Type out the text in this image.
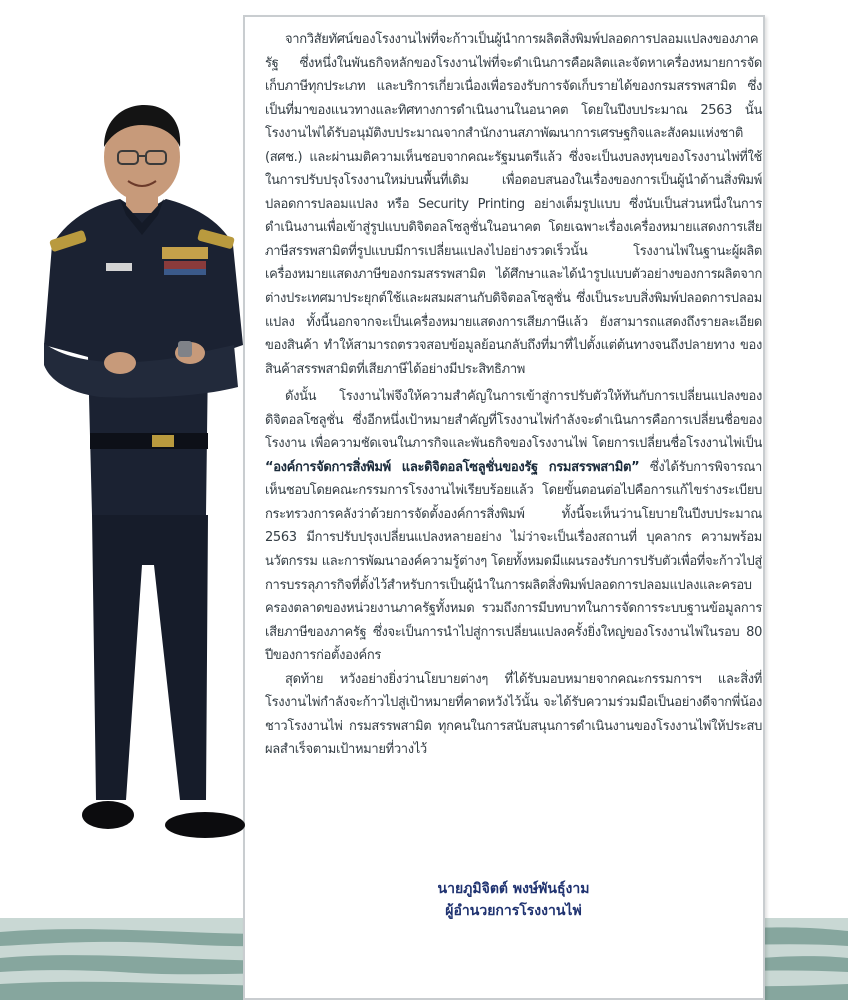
จากวิสัยทัศน์ของโรงงานไพ่ที่จะก้าวเป็นผู้นำการผลิตสิ่งพิมพ์ปลอดการปลอมแปลงของภาครัฐ ซึ่งหนึ่งในพันธกิจหลักของโรงงานไพ่ที่จะดำเนินการคือผลิตและจัดหาเครื่องหมายการจัดเก็บภาษีทุกประเภท และบริการเกี่ยวเนื่องเพื่อรองรับการจัดเก็บรายได้ของกรมสรรพสามิต ซึ่งเป็นที่มาของแนวทางและทิศทางการดำเนินงานในอนาคต โดยในปีงบประมาณ 2563 นั้น โรงงานไพ่ได้รับอนุมัติงบประมาณจากสำนักงานสภาพัฒนาการเศรษฐกิจและสังคมแห่งชาติ (สศช.) และผ่านมติความเห็นชอบจากคณะรัฐมนตรีแล้ว ซึ่งจะเป็นงบลงทุนของโรงงานไพ่ที่ใช้ในการปรับปรุงโรงงานใหม่บนพื้นที่เดิม เพื่อตอบสนองในเรื่องของการเป็นผู้นำด้านสิ่งพิมพ์ปลอดการปลอมแปลง หรือ Security Printing อย่างเต็มรูปแบบ ซึ่งนับเป็นส่วนหนึ่งในการดำเนินงานเพื่อเข้าสู่รูปแบบดิจิตอลโซลูชั่นในอนาคต โดยเฉพาะเรื่องเครื่องหมายแสดงการเสียภาษีสรรพสามิตที่รูปแบบมีการเปลี่ยนแปลงไปอย่างรวดเร็วนั้น โรงงานไพ่ในฐานะผู้ผลิตเครื่องหมายแสดงภาษีของกรมสรรพสามิต ได้ศึกษาและได้นำรูปแบบตัวอย่างของการผลิตจากต่างประเทศมาประยุกต์ใช้และผสมผสานกับดิจิตอลโซลูชั่น ซึ่งเป็นระบบสิ่งพิมพ์ปลอดการปลอมแปลง ทั้งนี้นอกจากจะเป็นเครื่องหมายแสดงการเสียภาษีแล้ว ยังสามารถแสดงถึงรายละเอียดของสินค้า ทำให้สามารถตรวจสอบข้อมูลย้อนกลับถึงที่มาที่ไปตั้งแต่ต้นทางจนถึงปลายทาง ของสินค้าสรรพสามิตที่เสียภาษีได้อย่างมีประสิทธิภาพ

ดังนั้น โรงงานไพ่จึงให้ความสำคัญในการเข้าสู่การปรับตัวให้ทันกับการเปลี่ยนแปลงของดิจิตอลโซลูชั่น ซึ่งอีกหนึ่งเป้าหมายสำคัญที่โรงงานไพ่กำลังจะดำเนินการคือการเปลี่ยนชื่อของโรงงาน เพื่อความชัดเจนในภารกิจและพันธกิจของโรงงานไพ่ โดยการเปลี่ยนชื่อโรงงานไพ่เป็น “องค์การจัดการสิ่งพิมพ์ และดิจิตอลโซลูชั่นของรัฐ กรมสรรพสามิต” ซึ่งได้รับการพิจารณาเห็นชอบโดยคณะกรรมการโรงงานไพ่เรียบร้อยแล้ว โดยขั้นตอนต่อไปคือการแก้ไขร่างระเบียบกระทรวงการคลังว่าด้วยการจัดตั้งองค์การสิ่งพิมพ์ ทั้งนี้จะเห็นว่านโยบายในปีงบประมาณ 2563 มีการปรับปรุงเปลี่ยนแปลงหลายอย่าง ไม่ว่าจะเป็นเรื่องสถานที่ บุคลากร ความพร้อม นวัตกรรม และการพัฒนาองค์ความรู้ต่างๆ โดยทั้งหมดมีแผนรองรับการปรับตัวเพื่อที่จะก้าวไปสู่การบรรลุภารกิจที่ตั้งไว้สำหรับการเป็นผู้นำในการผลิตสิ่งพิมพ์ปลอดการปลอมแปลงและครอบครองตลาดของหน่วยงานภาครัฐทั้งหมด รวมถึงการมีบทบาทในการจัดการระบบฐานข้อมูลการเสียภาษีของภาครัฐ ซึ่งจะเป็นการนำไปสู่การเปลี่ยนแปลงครั้งยิ่งใหญ่ของโรงงานไพ่ในรอบ 80 ปีของการก่อตั้งองค์กร

สุดท้าย หวังอย่างยิ่งว่านโยบายต่างๆ ที่ได้รับมอบหมายจากคณะกรรมการฯ และสิ่งที่โรงงานไพ่กำลังจะก้าวไปสู่เป้าหมายที่คาดหวังไว้นั้น จะได้รับความร่วมมือเป็นอย่างดีจากพี่น้องชาวโรงงานไพ่ กรมสรรพสามิต ทุกคนในการสนับสนุนการดำเนินงานของโรงงานไพ่ให้ประสบผลสำเร็จตามเป้าหมายที่วางไว้

นายภูมิจิตต์ พงษ์พันธุ์งาม
ผู้อำนวยการโรงงานไพ่
